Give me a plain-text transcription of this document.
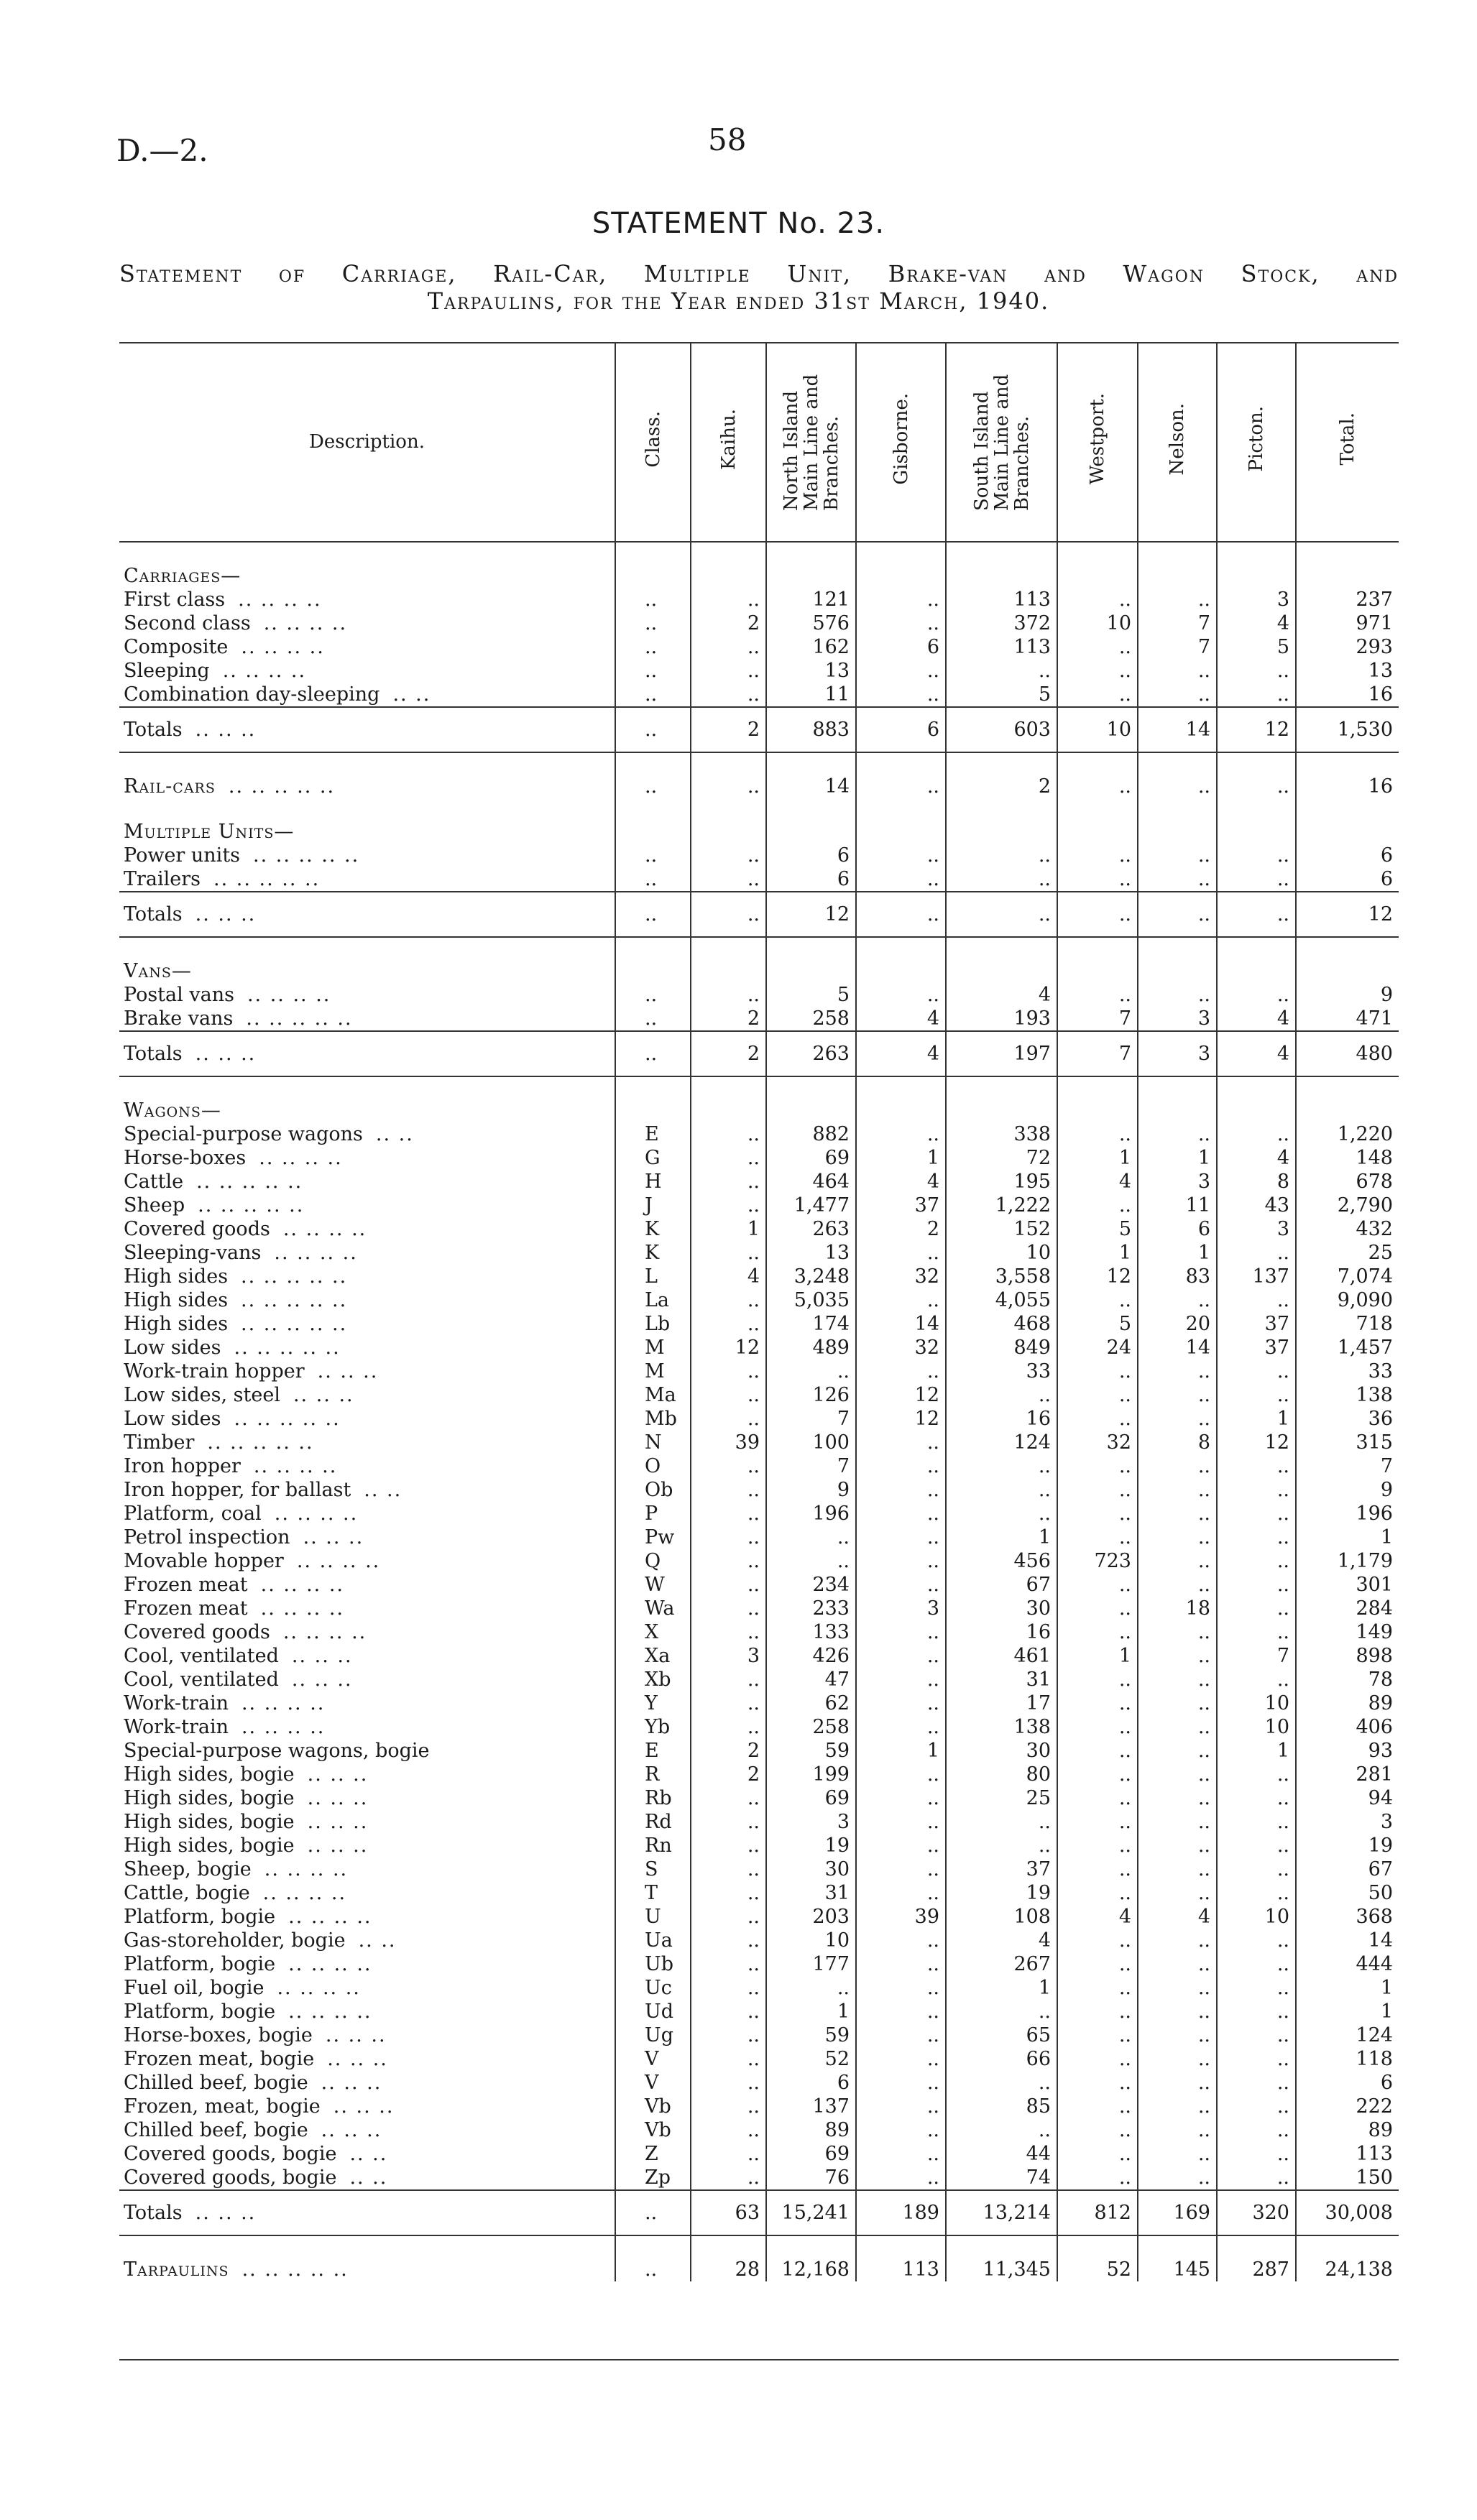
D.—2.	58
STATEMENT No. 23.
Statement of Carriage, Rail-Car, Multiple Unit, Brake-van and Wagon Stock, and
Tarpaulins, for the Year ended 31st March, 1940.
Description.	Class.	Kaihu.	North Island Main Line and Branches.	Gisborne.	South Island Main Line and Branches.	Westport.	Nelson.	Picton.	Total.
Carriages—									
First class .. .. .. ..	..	..	121	..	113	..	..	3	237
Second class .. .. .. ..	..	2	576	..	372	10	7	4	971
Composite .. .. .. ..	..	..	162	6	113	..	7	5	293
Sleeping .. .. .. ..	..	..	13	..	..	..	..	..	13
Combination day-sleeping .. ..	..	..	11	..	5	..	..	..	16
Totals .. .. ..	..	2	883	6	603	10	14	12	1,530
Rail-cars .. .. .. .. ..	..	..	14	..	2	..	..	..	16
Multiple Units—									
Power units .. .. .. .. ..	..	..	6	..	..	..	..	..	6
Trailers .. .. .. .. ..	..	..	6	..	..	..	..	..	6
Totals .. .. ..	..	..	12	..	..	..	..	..	12
Vans—									
Postal vans .. .. .. ..	..	..	5	..	4	..	..	..	9
Brake vans .. .. .. .. ..	..	2	258	4	193	7	3	4	471
Totals .. .. ..	..	2	263	4	197	7	3	4	480
Wagons—									
Special-purpose wagons .. ..	E	..	882	..	338	..	..	..	1,220
Horse-boxes .. .. .. ..	G	..	69	1	72	1	1	4	148
Cattle .. .. .. .. ..	H	..	464	4	195	4	3	8	678
Sheep .. .. .. .. ..	J	..	1,477	37	1,222	..	11	43	2,790
Covered goods .. .. .. ..	K	1	263	2	152	5	6	3	432
Sleeping-vans .. .. .. ..	K	..	13	..	10	1	1	..	25
High sides .. .. .. .. ..	L	4	3,248	32	3,558	12	83	137	7,074
High sides .. .. .. .. ..	La	..	5,035	..	4,055	..	..	..	9,090
High sides .. .. .. .. ..	Lb	..	174	14	468	5	20	37	718
Low sides .. .. .. .. ..	M	12	489	32	849	24	14	37	1,457
Work-train hopper .. .. ..	M	..	..	..	33	..	..	..	33
Low sides, steel .. .. ..	Ma	..	126	12	..	..	..	..	138
Low sides .. .. .. .. ..	Mb	..	7	12	16	..	..	1	36
Timber .. .. .. .. ..	N	39	100	..	124	32	8	12	315
Iron hopper .. .. .. ..	O	..	7	..	..	..	..	..	7
Iron hopper, for ballast .. ..	Ob	..	9	..	..	..	..	..	9
Platform, coal .. .. .. ..	P	..	196	..	..	..	..	..	196
Petrol inspection .. .. ..	Pw	..	..	..	1	..	..	..	1
Movable hopper .. .. .. ..	Q	..	..	..	456	723	..	..	1,179
Frozen meat .. .. .. ..	W	..	234	..	67	..	..	..	301
Frozen meat .. .. .. ..	Wa	..	233	3	30	..	18	..	284
Covered goods .. .. .. ..	X	..	133	..	16	..	..	..	149
Cool, ventilated .. .. ..	Xa	3	426	..	461	1	..	7	898
Cool, ventilated .. .. ..	Xb	..	47	..	31	..	..	..	78
Work-train .. .. .. ..	Y	..	62	..	17	..	..	10	89
Work-train .. .. .. ..	Yb	..	258	..	138	..	..	10	406
Special-purpose wagons, bogie	E	2	59	1	30	..	..	1	93
High sides, bogie .. .. ..	R	2	199	..	80	..	..	..	281
High sides, bogie .. .. ..	Rb	..	69	..	25	..	..	..	94
High sides, bogie .. .. ..	Rd	..	3	..	..	..	..	..	3
High sides, bogie .. .. ..	Rn	..	19	..	..	..	..	..	19
Sheep, bogie .. .. .. ..	S	..	30	..	37	..	..	..	67
Cattle, bogie .. .. .. ..	T	..	31	..	19	..	..	..	50
Platform, bogie .. .. .. ..	U	..	203	39	108	4	4	10	368
Gas-storeholder, bogie .. ..	Ua	..	10	..	4	..	..	..	14
Platform, bogie .. .. .. ..	Ub	..	177	..	267	..	..	..	444
Fuel oil, bogie .. .. .. ..	Uc	..	..	..	1	..	..	..	1
Platform, bogie .. .. .. ..	Ud	..	1	..	..	..	..	..	1
Horse-boxes, bogie .. .. ..	Ug	..	59	..	65	..	..	..	124
Frozen meat, bogie .. .. ..	V	..	52	..	66	..	..	..	118
Chilled beef, bogie .. .. ..	V	..	6	..	..	..	..	..	6
Frozen, meat, bogie .. .. ..	Vb	..	137	..	85	..	..	..	222
Chilled beef, bogie .. .. ..	Vb	..	89	..	..	..	..	..	89
Covered goods, bogie .. ..	Z	..	69	..	44	..	..	..	113
Covered goods, bogie .. ..	Zp	..	76	..	74	..	..	..	150
Totals .. .. ..	..	63	15,241	189	13,214	812	169	320	30,008
Tarpaulins .. .. .. .. ..	..	28	12,168	113	11,345	52	145	287	24,138
